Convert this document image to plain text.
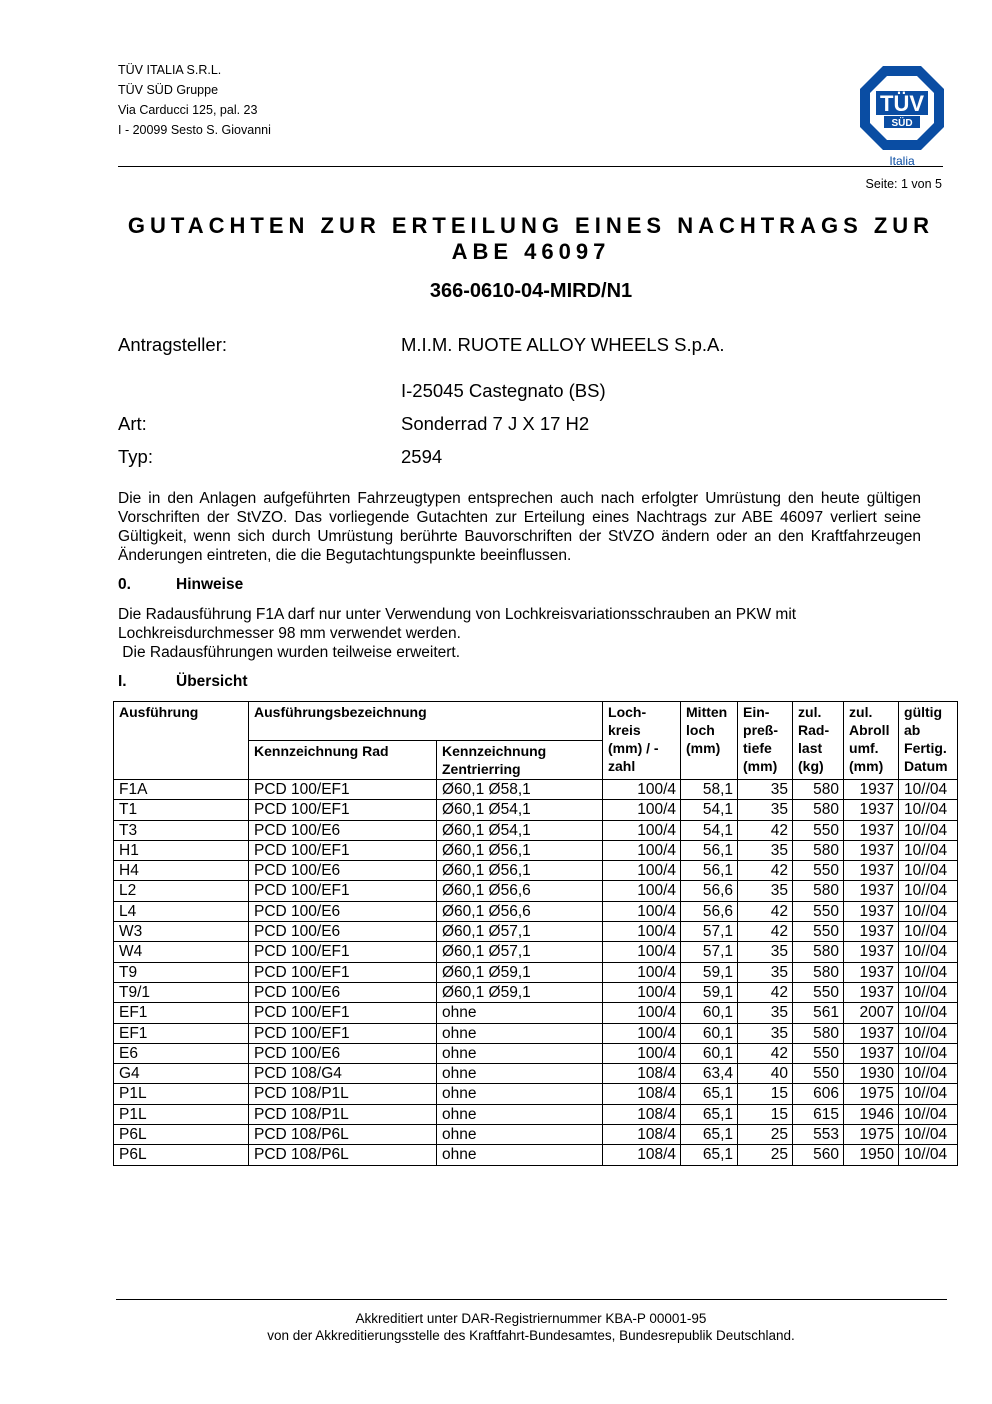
TÜV ITALIA S.R.L.
TÜV SÜD Gruppe
Via Carducci 125, pal. 23
I - 20099 Sesto S. Giovanni
TÜV
SÜD
Italia
Seite: 1 von 5
GUTACHTEN ZUR ERTEILUNG EINES NACHTRAGS ZUR
ABE 46097
366-0610-04-MIRD/N1
Antragsteller:	M.I.M. RUOTE ALLOY WHEELS S.p.A.
I-25045 Castegnato (BS)
Art:	Sonderrad 7 J X 17 H2
Typ:	2594
Die in den Anlagen aufgeführten Fahrzeugtypen entsprechen auch nach erfolgter Umrüstung den heute gültigen Vorschriften der StVZO. Das vorliegende Gutachten zur Erteilung eines Nachtrags zur ABE 46097 verliert seine Gültigkeit, wenn sich durch Umrüstung berührte Bauvorschriften der StVZO ändern oder an den Kraftfahrzeugen Änderungen eintreten, die die Begutachtungspunkte beeinflussen.
0.	Hinweise
Die Radausführung F1A darf nur unter Verwendung von Lochkreisvariationsschrauben an PKW mit
Lochkreisdurchmesser 98 mm verwendet werden.
Die Radausführungen wurden teilweise erweitert.
I.	Übersicht
Ausführung	Ausführungsbezeichnung		Loch- kreis (mm) / -zahl	Mitten loch (mm)	Ein- preß- tiefe (mm)	zul. Rad- last (kg)	zul. Abroll umf. (mm)	gültig ab Fertig. Datum
	Kennzeichnung Rad	Kennzeichnung Zentrierring						
F1A	PCD 100/EF1	Ø60,1 Ø58,1	100/4	58,1	35	580	1937	10//04
T1	PCD 100/EF1	Ø60,1 Ø54,1	100/4	54,1	35	580	1937	10//04
T3	PCD 100/E6	Ø60,1 Ø54,1	100/4	54,1	42	550	1937	10//04
H1	PCD 100/EF1	Ø60,1 Ø56,1	100/4	56,1	35	580	1937	10//04
H4	PCD 100/E6	Ø60,1 Ø56,1	100/4	56,1	42	550	1937	10//04
L2	PCD 100/EF1	Ø60,1 Ø56,6	100/4	56,6	35	580	1937	10//04
L4	PCD 100/E6	Ø60,1 Ø56,6	100/4	56,6	42	550	1937	10//04
W3	PCD 100/E6	Ø60,1 Ø57,1	100/4	57,1	42	550	1937	10//04
W4	PCD 100/EF1	Ø60,1 Ø57,1	100/4	57,1	35	580	1937	10//04
T9	PCD 100/EF1	Ø60,1 Ø59,1	100/4	59,1	35	580	1937	10//04
T9/1	PCD 100/E6	Ø60,1 Ø59,1	100/4	59,1	42	550	1937	10//04
EF1	PCD 100/EF1	ohne	100/4	60,1	35	561	2007	10//04
EF1	PCD 100/EF1	ohne	100/4	60,1	35	580	1937	10//04
E6	PCD 100/E6	ohne	100/4	60,1	42	550	1937	10//04
G4	PCD 108/G4	ohne	108/4	63,4	40	550	1930	10//04
P1L	PCD 108/P1L	ohne	108/4	65,1	15	606	1975	10//04
P1L	PCD 108/P1L	ohne	108/4	65,1	15	615	1946	10//04
P6L	PCD 108/P6L	ohne	108/4	65,1	25	553	1975	10//04
P6L	PCD 108/P6L	ohne	108/4	65,1	25	560	1950	10//04
Akkreditiert unter DAR-Registriernummer KBA-P 00001-95
von der Akkreditierungsstelle des Kraftfahrt-Bundesamtes, Bundesrepublik Deutschland.
